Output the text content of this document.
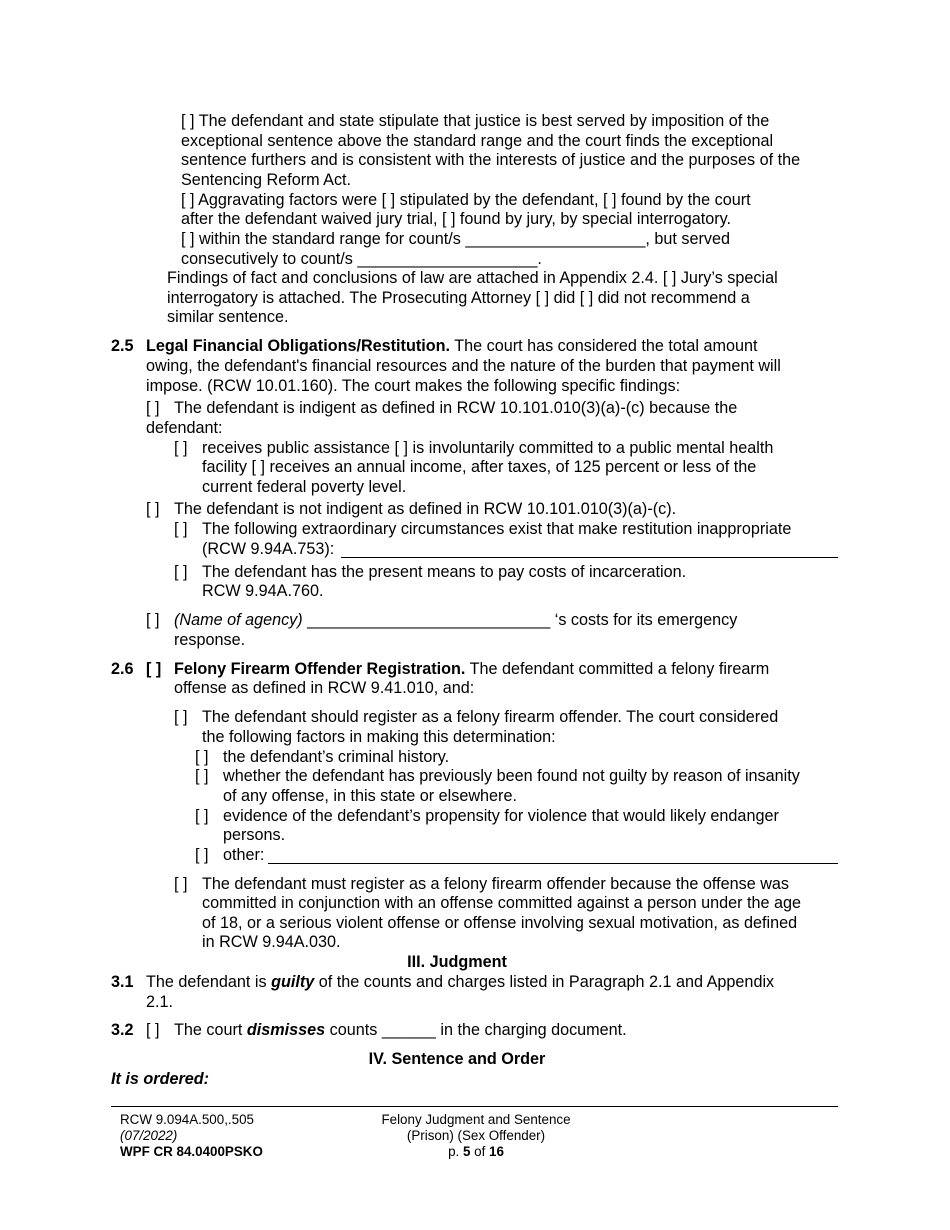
[ ] The defendant and state stipulate that justice is best served by imposition of the
exceptional sentence above the standard range and the court finds the exceptional
sentence furthers and is consistent with the interests of justice and the purposes of the
Sentencing Reform Act.
[ ] Aggravating factors were [ ] stipulated by the defendant, [ ] found by the court
after the defendant waived jury trial, [ ] found by jury, by special interrogatory.
[ ] within the standard range for count/s ____________________, but served
consecutively to count/s ____________________.
Findings of fact and conclusions of law are attached in Appendix 2.4. [ ] Jury’s special
interrogatory is attached. The Prosecuting Attorney [ ] did [ ] did not recommend a
similar sentence.
2.5 Legal Financial Obligations/Restitution. The court has considered the total amount
owing, the defendant's financial resources and the nature of the burden that payment will
impose. (RCW 10.01.160). The court makes the following specific findings:
[ ] The defendant is indigent as defined in RCW 10.101.010(3)(a)-(c) because the
defendant:
[ ] receives public assistance [ ] is involuntarily committed to a public mental health
facility [ ] receives an annual income, after taxes, of 125 percent or less of the
current federal poverty level.
[ ] The defendant is not indigent as defined in RCW 10.101.010(3)(a)-(c).
[ ] The following extraordinary circumstances exist that make restitution inappropriate
(RCW 9.94A.753):
[ ] The defendant has the present means to pay costs of incarceration.
RCW 9.94A.760.
[ ] (Name of agency) ___________________________ ‘s costs for its emergency
response.
2.6 [ ] Felony Firearm Offender Registration. The defendant committed a felony firearm
offense as defined in RCW 9.41.010, and:
[ ] The defendant should register as a felony firearm offender. The court considered
the following factors in making this determination:
[ ] the defendant’s criminal history.
[ ] whether the defendant has previously been found not guilty by reason of insanity
of any offense, in this state or elsewhere.
[ ] evidence of the defendant’s propensity for violence that would likely endanger
persons.
[ ] other:
[ ] The defendant must register as a felony firearm offender because the offense was
committed in conjunction with an offense committed against a person under the age
of 18, or a serious violent offense or offense involving sexual motivation, as defined
in RCW 9.94A.030.
III. Judgment
3.1 The defendant is guilty of the counts and charges listed in Paragraph 2.1 and Appendix
2.1.
3.2 [ ] The court dismisses counts ______ in the charging document.
IV. Sentence and Order
It is ordered:
RCW 9.094A.500,.505
(07/2022)
WPF CR 84.0400PSKO
Felony Judgment and Sentence
(Prison) (Sex Offender)
p. 5 of 16
